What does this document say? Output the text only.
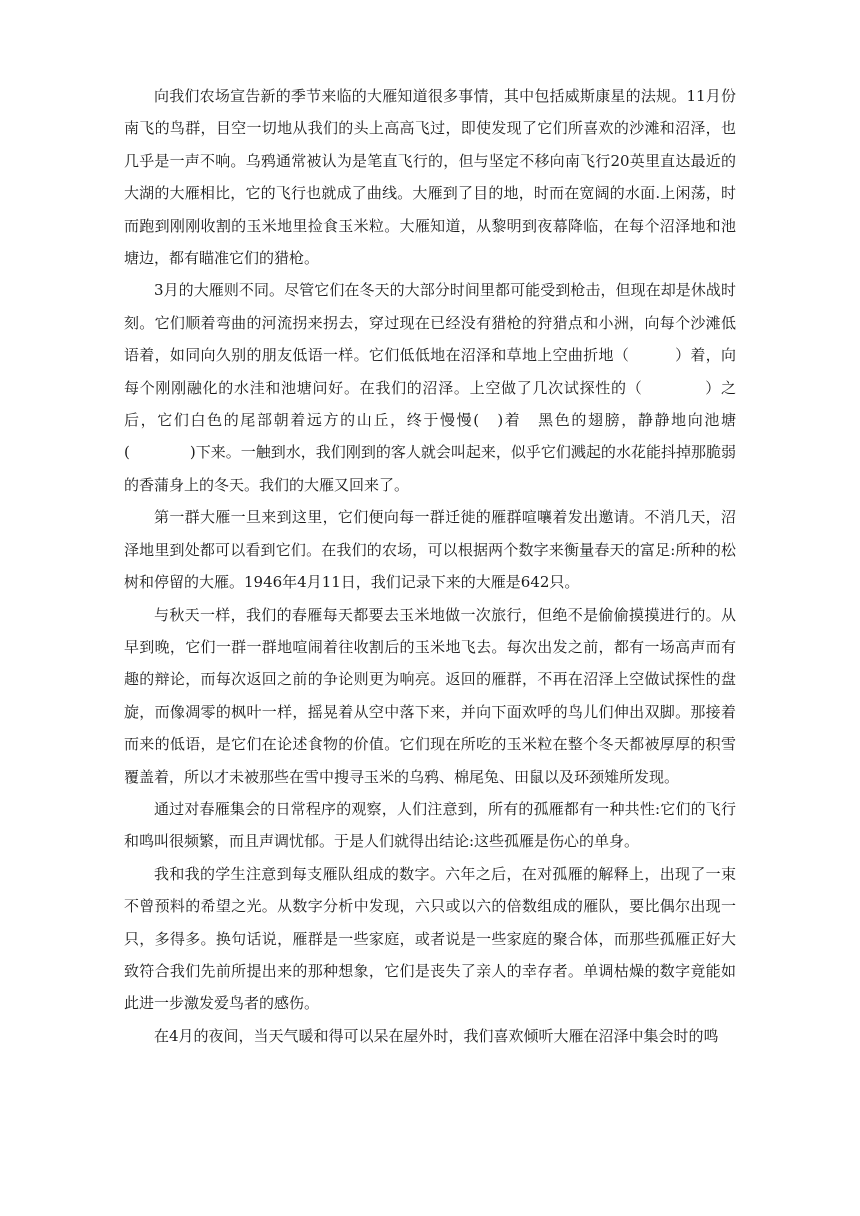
向我们农场宣告新的季节来临的大雁知道很多事情，其中包括威斯康星的法规。11月份南飞的鸟群，目空一切地从我们的头上高高飞过，即使发现了它们所喜欢的沙滩和沼泽，也几乎是一声不响。乌鸦通常被认为是笔直飞行的，但与坚定不移向南飞行20英里直达最近的大湖的大雁相比，它的飞行也就成了曲线。大雁到了目的地，时而在宽阔的水面.上闲荡，时而跑到刚刚收割的玉米地里捡食玉米粒。大雁知道，从黎明到夜幕降临，在每个沼泽地和池塘边，都有瞄准它们的猎枪。

3月的大雁则不同。尽管它们在冬天的大部分时间里都可能受到枪击，但现在却是休战时刻。它们顺着弯曲的河流拐来拐去，穿过现在已经没有猎枪的狩猎点和小洲，向每个沙滩低语着，如同向久别的朋友低语一样。它们低低地在沼泽和草地上空曲折地（　　　）着，向每个刚刚融化的水洼和池塘问好。在我们的沼泽。上空做了几次试探性的（　　　　）之后，它们白色的尾部朝着远方的山丘，终于慢慢(　)着　黑色的翅膀，静静地向池塘(　　　　)下来。一触到水，我们刚到的客人就会叫起来，似乎它们溅起的水花能抖掉那脆弱的香蒲身上的冬天。我们的大雁又回来了。

第一群大雁一旦来到这里，它们便向每一群迁徙的雁群喧嚷着发出邀请。不消几天，沼泽地里到处都可以看到它们。在我们的农场，可以根据两个数字来衡量春天的富足:所种的松树和停留的大雁。1946年4月11日，我们记录下来的大雁是642只。

与秋天一样，我们的春雁每天都要去玉米地做一次旅行，但绝不是偷偷摸摸进行的。从早到晚，它们一群一群地喧闹着往收割后的玉米地飞去。每次出发之前，都有一场高声而有趣的辩论，而每次返回之前的争论则更为响亮。返回的雁群，不再在沼泽上空做试探性的盘旋，而像凋零的枫叶一样，摇晃着从空中落下来，并向下面欢呼的鸟儿们伸出双脚。那接着而来的低语，是它们在论述食物的价值。它们现在所吃的玉米粒在整个冬天都被厚厚的积雪覆盖着，所以才未被那些在雪中搜寻玉米的乌鸦、棉尾兔、田鼠以及环颈雉所发现。

通过对春雁集会的日常程序的观察，人们注意到，所有的孤雁都有一种共性:它们的飞行和鸣叫很频繁，而且声调忧郁。于是人们就得出结论:这些孤雁是伤心的单身。

我和我的学生注意到每支雁队组成的数字。六年之后，在对孤雁的解释上，出现了一束不曾预料的希望之光。从数字分析中发现，六只或以六的倍数组成的雁队，要比偶尔出现一只，多得多。换句话说，雁群是一些家庭，或者说是一些家庭的聚合体，而那些孤雁正好大致符合我们先前所提出来的那种想象，它们是丧失了亲人的幸存者。单调枯燥的数字竟能如此进一步激发爱鸟者的感伤。

在4月的夜间，当天气暖和得可以呆在屋外时，我们喜欢倾听大雁在沼泽中集会时的鸣
